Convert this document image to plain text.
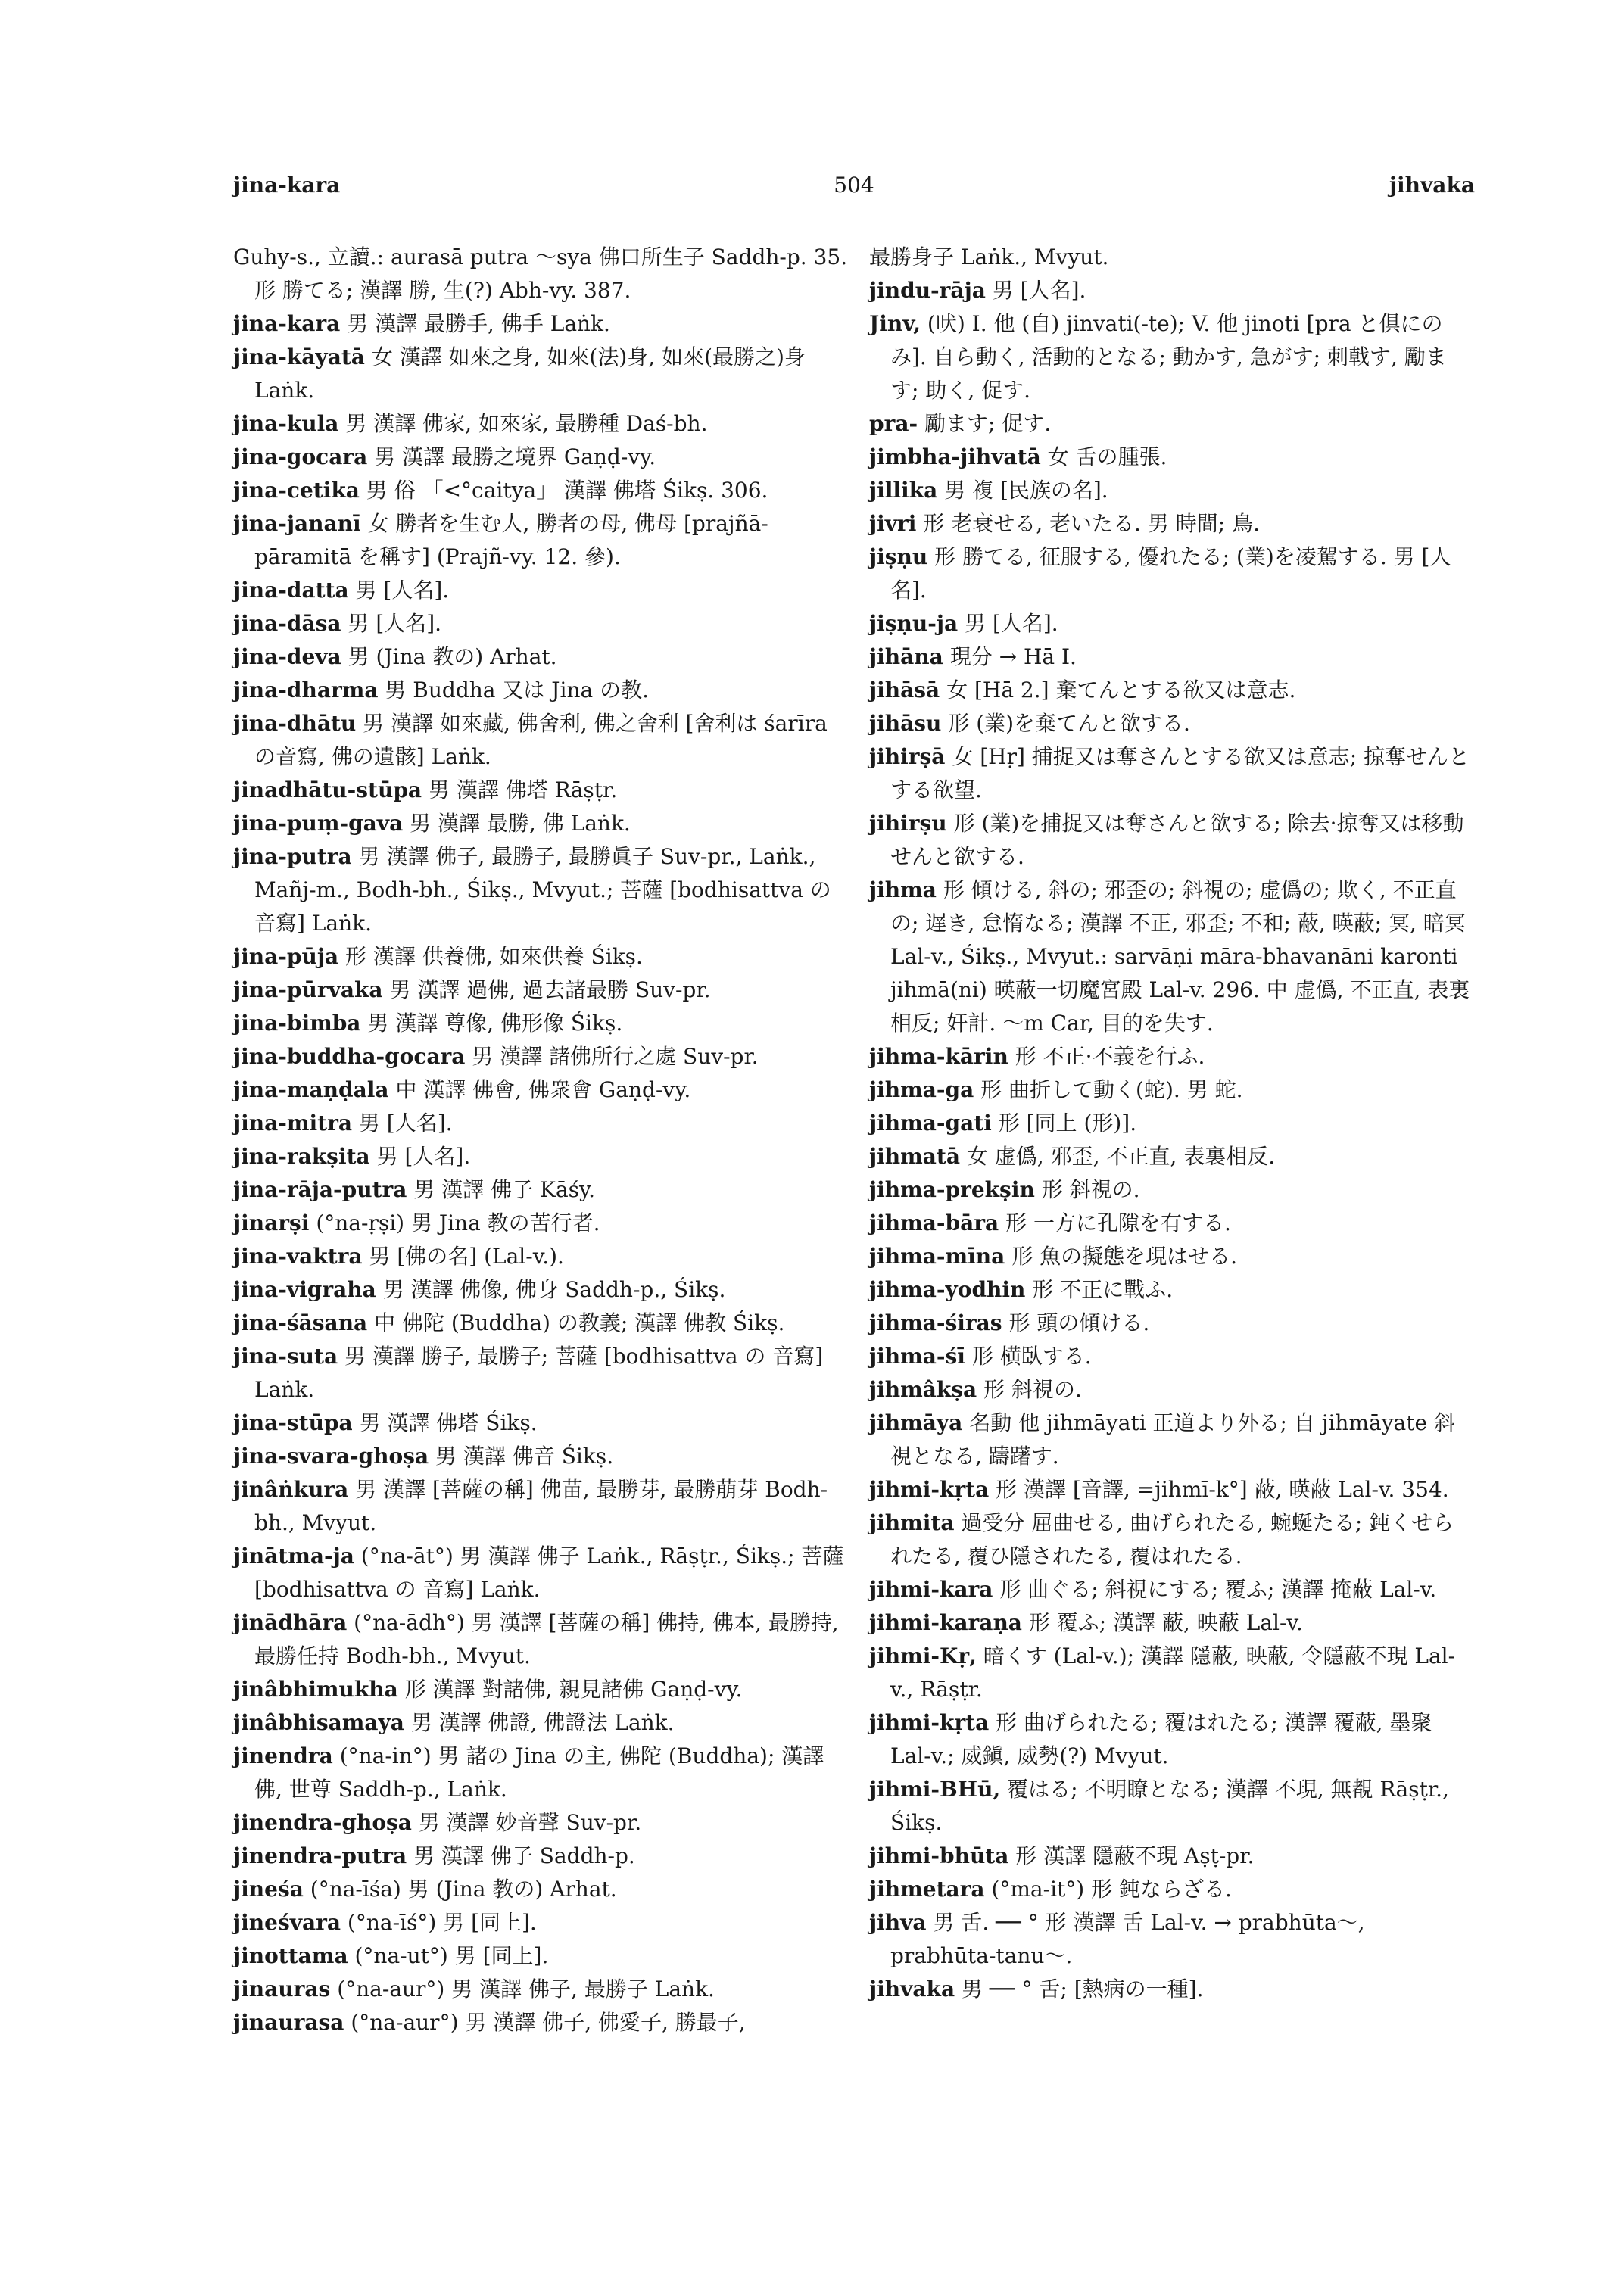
jina-kara	504	jihvaka

Guhy-s., 立讀.: aurasā putra ～sya 佛口所生子 Saddh-p. 35. 形 勝てる; 漢譯 勝, 生(?) Abh-vy. 387.

jina-kara 男 漢譯 最勝手, 佛手 Laṅk.

jina-kāyatā 女 漢譯 如來之身, 如來(法)身, 如來(最勝之)身 Laṅk.

jina-kula 男 漢譯 佛家, 如來家, 最勝種 Daś-bh.

jina-gocara 男 漢譯 最勝之境界 Gaṇḍ-vy.

jina-cetika 男 俗 「<°caitya」 漢譯 佛塔 Śikṣ. 306.

jina-jananī 女 勝者を生む人, 勝者の母, 佛母 [prajñā-pāramitā を稱す] (Prajñ-vy. 12. 參).

jina-datta 男 [人名].

jina-dāsa 男 [人名].

jina-deva 男 (Jina 教の) Arhat.

jina-dharma 男 Buddha 又は Jina の教.

jina-dhātu 男 漢譯 如來藏, 佛舍利, 佛之舍利 [舍利は śarīra の音寫, 佛の遺骸] Laṅk.

jinadhātu-stūpa 男 漢譯 佛塔 Rāṣṭr.

jina-puṃ-gava 男 漢譯 最勝, 佛 Laṅk.

jina-putra 男 漢譯 佛子, 最勝子, 最勝眞子 Suv-pr., Laṅk., Mañj-m., Bodh-bh., Śikṣ., Mvyut.; 菩薩 [bodhisattva の 音寫] Laṅk.

jina-pūja 形 漢譯 供養佛, 如來供養 Śikṣ.

jina-pūrvaka 男 漢譯 過佛, 過去諸最勝 Suv-pr.

jina-bimba 男 漢譯 尊像, 佛形像 Śikṣ.

jina-buddha-gocara 男 漢譯 諸佛所行之處 Suv-pr.

jina-maṇḍala 中 漢譯 佛會, 佛衆會 Gaṇḍ-vy.

jina-mitra 男 [人名].

jina-rakṣita 男 [人名].

jina-rāja-putra 男 漢譯 佛子 Kāśy.

jinarṣi (°na-ṛṣi) 男 Jina 教の苦行者.

jina-vaktra 男 [佛の名] (Lal-v.).

jina-vigraha 男 漢譯 佛像, 佛身 Saddh-p., Śikṣ.

jina-śāsana 中 佛陀 (Buddha) の教義; 漢譯 佛教 Śikṣ.

jina-suta 男 漢譯 勝子, 最勝子; 菩薩 [bodhisattva の 音寫] Laṅk.

jina-stūpa 男 漢譯 佛塔 Śikṣ.

jina-svara-ghoṣa 男 漢譯 佛音 Śikṣ.

jinâṅkura 男 漢譯 [菩薩の稱] 佛苗, 最勝芽, 最勝萠芽 Bodh-bh., Mvyut.

jinātma-ja (°na-āt°) 男 漢譯 佛子 Laṅk., Rāṣṭr., Śikṣ.; 菩薩 [bodhisattva の 音寫] Laṅk.

jinādhāra (°na-ādh°) 男 漢譯 [菩薩の稱] 佛持, 佛本, 最勝持, 最勝任持 Bodh-bh., Mvyut.

jinâbhimukha 形 漢譯 對諸佛, 親見諸佛 Gaṇḍ-vy.

jinâbhisamaya 男 漢譯 佛證, 佛證法 Laṅk.

jinendra (°na-in°) 男 諸の Jina の主, 佛陀 (Buddha); 漢譯 佛, 世尊 Saddh-p., Laṅk.

jinendra-ghoṣa 男 漢譯 妙音聲 Suv-pr.

jinendra-putra 男 漢譯 佛子 Saddh-p.

jineśa (°na-īśa) 男 (Jina 教の) Arhat.

jineśvara (°na-īś°) 男 [同上].

jinottama (°na-ut°) 男 [同上].

jinauras (°na-aur°) 男 漢譯 佛子, 最勝子 Laṅk.

jinaurasa (°na-aur°) 男 漢譯 佛子, 佛愛子, 勝最子,

最勝身子 Laṅk., Mvyut.

jindu-rāja 男 [人名].

Jinv, (吠) I. 他 (自) jinvati(-te); V. 他 jinoti [pra と倶にのみ]. 自ら動く, 活動的となる; 動かす, 急がす; 刺戟す, 勵ます; 助く, 促す.

pra- 勵ます; 促す.

jimbha-jihvatā 女 舌の腫張.

jillika 男 複 [民族の名].

jivri 形 老衰せる, 老いたる. 男 時間; 鳥.

jiṣṇu 形 勝てる, 征服する, 優れたる; (業)を凌駕する. 男 [人名].

jiṣṇu-ja 男 [人名].

jihāna 現分 → Hā I.

jihāsā 女 [Hā 2.] 棄てんとする欲又は意志.

jihāsu 形 (業)を棄てんと欲する.

jihirṣā 女 [Hṛ] 捕捉又は奪さんとする欲又は意志; 掠奪せんとする欲望.

jihirṣu 形 (業)を捕捉又は奪さんと欲する; 除去·掠奪又は移動せんと欲する.

jihma 形 傾ける, 斜の; 邪歪の; 斜視の; 虚僞の; 欺く, 不正直の; 遅き, 怠惰なる; 漢譯 不正, 邪歪; 不和; 蔽, 暎蔽; 冥, 暗冥 Lal-v., Śikṣ., Mvyut.: sarvāṇi māra-bhavanāni karonti jihmā(ni) 暎蔽一切魔宮殿 Lal-v. 296. 中 虚僞, 不正直, 表裏相反; 奸計. ～m Car, 目的を失す.

jihma-kārin 形 不正·不義を行ふ.

jihma-ga 形 曲折して動く(蛇). 男 蛇.

jihma-gati 形 [同上 (形)].

jihmatā 女 虚僞, 邪歪, 不正直, 表裏相反.

jihma-prekṣin 形 斜視の.

jihma-bāra 形 一方に孔隙を有する.

jihma-mīna 形 魚の擬態を現はせる.

jihma-yodhin 形 不正に戰ふ.

jihma-śiras 形 頭の傾ける.

jihma-śī 形 横臥する.

jihmâkṣa 形 斜視の.

jihmāya 名動 他 jihmāyati 正道より外る; 自 jihmāyate 斜視となる, 躊躇す.

jihmi-kṛta 形 漢譯 [音譯, =jihmī-k°] 蔽, 暎蔽 Lal-v. 354.

jihmita 過受分 屈曲せる, 曲げられたる, 蜿蜒たる; 鈍くせられたる, 覆ひ隱されたる, 覆はれたる.

jihmi-kara 形 曲ぐる; 斜視にする; 覆ふ; 漢譯 掩蔽 Lal-v.

jihmi-karaṇa 形 覆ふ; 漢譯 蔽, 映蔽 Lal-v.

jihmi-Kṛ, 暗くす (Lal-v.); 漢譯 隱蔽, 映蔽, 令隱蔽不現 Lal-v., Rāṣṭr.

jihmi-kṛta 形 曲げられたる; 覆はれたる; 漢譯 覆蔽, 墨聚 Lal-v.; 威鎭, 威勢(?) Mvyut.

jihmi-BHū, 覆はる; 不明瞭となる; 漢譯 不現, 無覩 Rāṣṭr., Śikṣ.

jihmi-bhūta 形 漢譯 隱蔽不現 Aṣṭ-pr.

jihmetara (°ma-it°) 形 鈍ならざる.

jihva 男 舌. ── ° 形 漢譯 舌 Lal-v. → prabhūta～, prabhūta-tanu～.

jihvaka 男 ── ° 舌; [熱病の一種].
